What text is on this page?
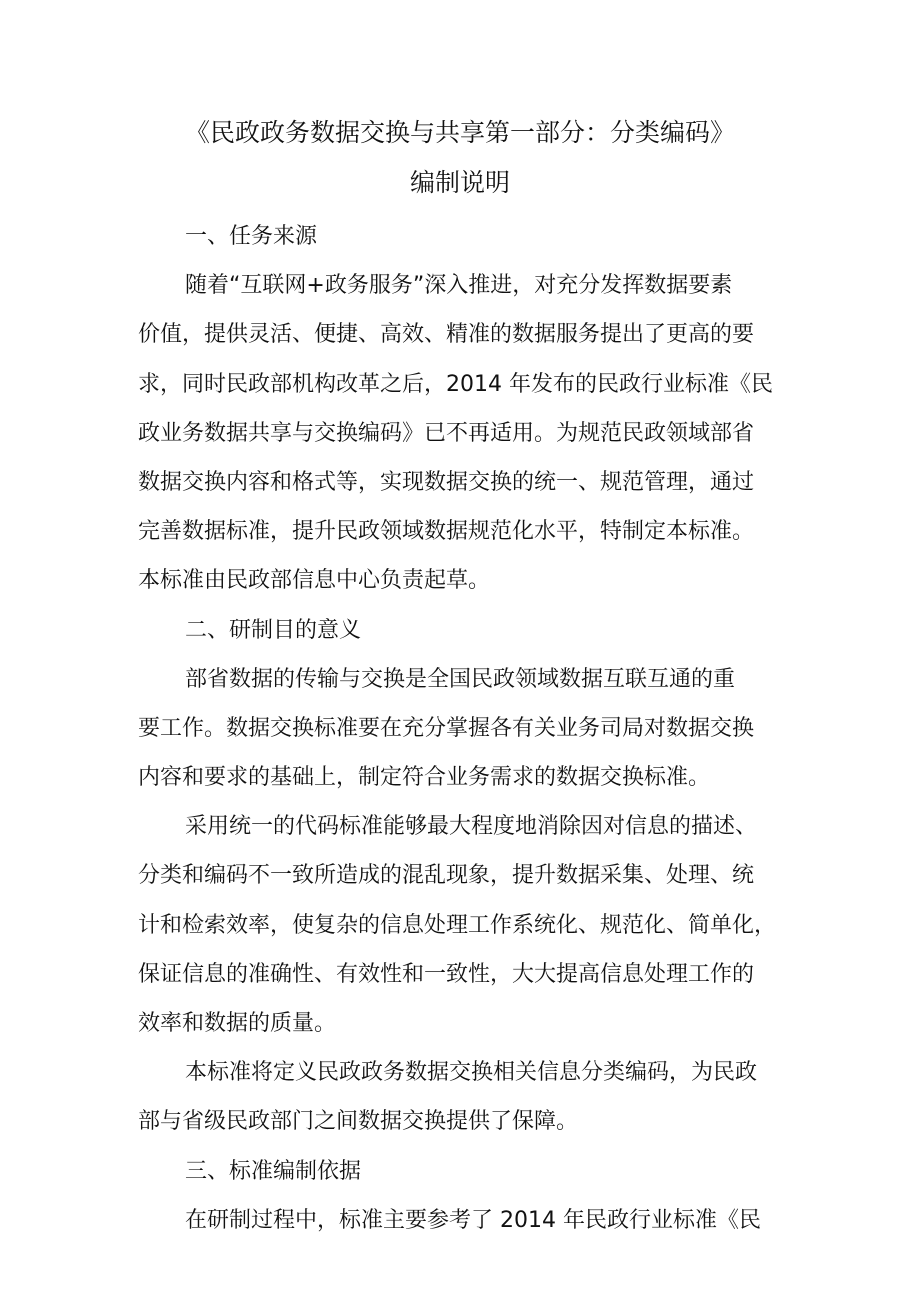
《民政政务数据交换与共享第一部分：分类编码》
编制说明
一、任务来源
随着“互联网+政务服务”深入推进，对充分发挥数据要素
价值，提供灵活、便捷、高效、精准的数据服务提出了更高的要
求，同时民政部机构改革之后，2014 年发布的民政行业标准《民
政业务数据共享与交换编码》已不再适用。为规范民政领域部省
数据交换内容和格式等，实现数据交换的统一、规范管理，通过
完善数据标准，提升民政领域数据规范化水平，特制定本标准。
本标准由民政部信息中心负责起草。
二、研制目的意义
部省数据的传输与交换是全国民政领域数据互联互通的重
要工作。数据交换标准要在充分掌握各有关业务司局对数据交换
内容和要求的基础上，制定符合业务需求的数据交换标准。
采用统一的代码标准能够最大程度地消除因对信息的描述、
分类和编码不一致所造成的混乱现象，提升数据采集、处理、统
计和检索效率，使复杂的信息处理工作系统化、规范化、简单化，
保证信息的准确性、有效性和一致性，大大提高信息处理工作的
效率和数据的质量。
本标准将定义民政政务数据交换相关信息分类编码，为民政
部与省级民政部门之间数据交换提供了保障。
三、标准编制依据
在研制过程中，标准主要参考了 2014 年民政行业标准《民
